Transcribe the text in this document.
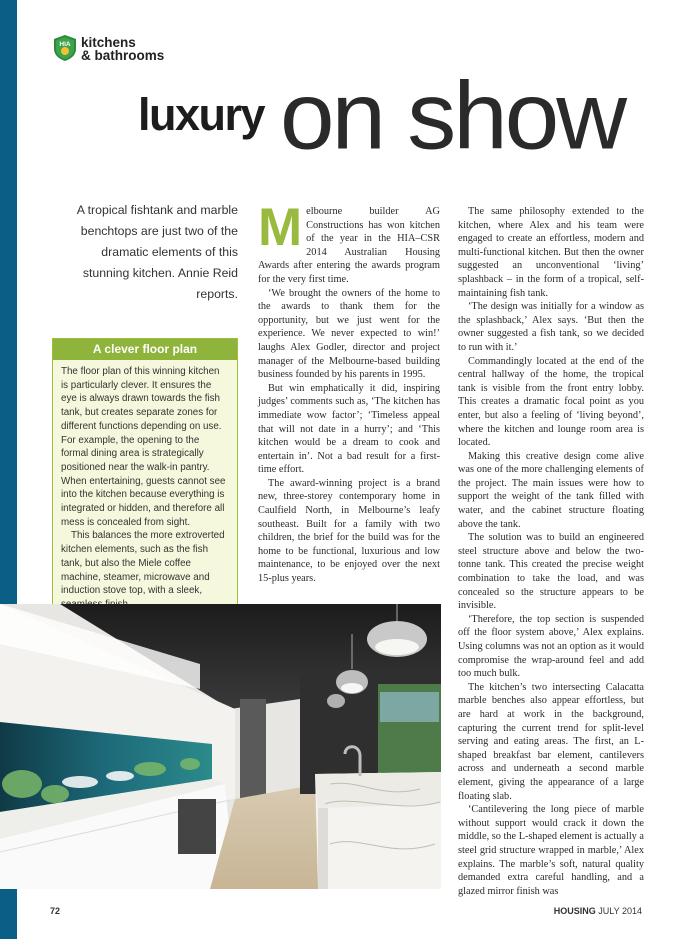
HIA kitchens
& bathrooms
luxury on show
A tropical fishtank and marble benchtops are just two of the dramatic elements of this stunning kitchen. Annie Reid reports.
A clever floor plan

The floor plan of this winning kitchen is particularly clever. It ensures the eye is always drawn towards the fish tank, but creates separate zones for different functions depending on use. For example, the opening to the formal dining area is strategically positioned near the walk-in pantry. When entertaining, guests cannot see into the kitchen because everything is integrated or hidden, and therefore all mess is concealed from sight.

This balances the more extroverted kitchen elements, such as the fish tank, but also the Miele coffee machine, steamer, microwave and induction stove top, with a sleek,

M elbourne builder AG Constructions has won kitchen of the year in the HIA–CSR 2014 Australian Housing Awards after entering the awards program for the very first time.

‘We brought the owners of the home to the awards to thank them for the opportunity, but we just went for the experience. We never expected to win!’ laughs Alex Godler, director and project manager of the Melbourne-based building business founded by his parents in 1995.

But win emphatically it did, inspiring judges’ comments such as, ‘The kitchen has immediate wow factor’; ‘Timeless appeal that will not date in a hurry’; and ‘This kitchen would be a dream to cook and entertain in’. Not a bad result for a first-time effort.

The award-winning project is a brand new, three-storey contemporary home in Caulfield North, in Melbourne’s leafy southeast. Built for a family with two children, the brief for the build was for the home to be functional, luxurious and low maintenance, to be enjoyed over the next 15-plus years.

The same philosophy extended to the kitchen, where Alex and his team were engaged to create an effortless, modern and multi-functional kitchen. But then the owner suggested an unconventional ‘living’ splashback – in the form of a tropical, self-maintaining fish tank.

‘The design was initially for a window as the splashback,’ Alex says. ‘But then the owner suggested a fish tank, so we decided to run with it.’

Commandingly located at the end of the central hallway of the home, the tropical tank is visible from the front entry lobby. This creates a dramatic focal point as you enter, but also a feeling of ‘living beyond’, where the kitchen and lounge room area is located.

Making this creative design come alive was one of the more challenging elements of the project. The main issues were how to support the weight of the tank filled with water, and the cabinet structure floating above the tank.

The solution was to build an engineered steel structure above and below the two-tonne tank. This created the precise weight combination to take the load, and was concealed so the structure appears to be invisible.

‘Therefore, the top section is suspended off the floor system above,’ Alex explains. Using columns was not an option as it would compromise the wrap-around feel and add too much bulk.

The kitchen’s two intersecting Calacatta marble benches also appear effortless, but are hard at work in the background, capturing the current trend for split-level serving and eating areas. The first, an L-shaped breakfast bar element, cantilevers across and underneath a second marble element, giving the appearance of a large floating slab.

‘Cantilevering the long piece of marble without support would crack it down the middle, so the L-shaped element is actually a steel grid structure wrapped in marble,’ Alex explains. The marble’s soft, natural quality demanded extra careful handling, and a glazed mirror finish was

72	HOUSING JULY 2014
